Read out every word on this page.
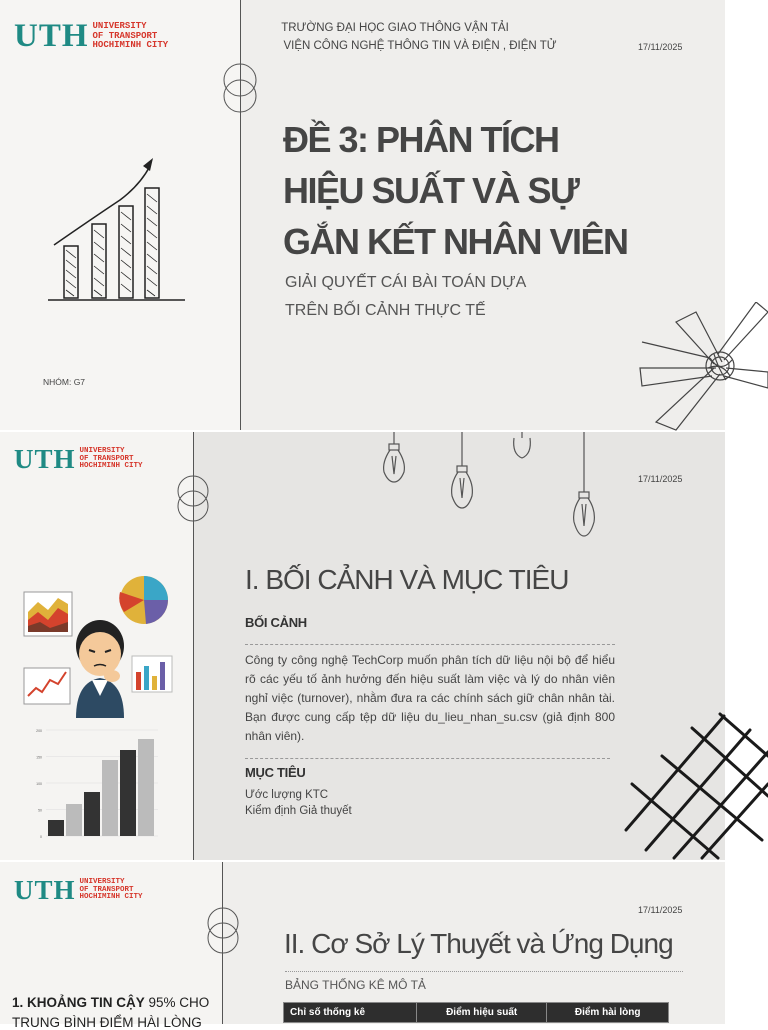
UTH UNIVERSITY
OF TRANSPORT
HOCHIMINH CITY
TRƯỜNG ĐẠI HỌC GIAO THÔNG VẬN TẢI
VIỆN CÔNG NGHỆ THÔNG TIN VÀ ĐIỆN , ĐIỆN TỬ	17/11/2025
ĐỀ 3: PHÂN TÍCH
HIỆU SUẤT VÀ SỰ
GẮN KẾT NHÂN VIÊN
GIẢI QUYẾT CÁI BÀI TOÁN DỰA
TRÊN BỐI CẢNH THỰC TẾ
NHÓM: G7
UTH UNIVERSITY
OF TRANSPORT
HOCHIMINH CITY
17/11/2025
I. BỐI CẢNH VÀ MỤC TIÊU
BỐI CẢNH
Công ty công nghệ TechCorp muốn phân tích dữ liệu nội bộ để hiểu rõ các yếu tố ảnh hưởng đến hiệu suất làm việc và lý do nhân viên nghỉ việc (turnover), nhằm đưa ra các chính sách giữ chân nhân tài. Bạn được cung cấp tệp dữ liệu du_lieu_nhan_su.csv (giả định 800 nhân viên).
MỤC TIÊU
Ước lượng KTC
Kiểm định Giả thuyết
200
150
100
50
0
UTH UNIVERSITY
OF TRANSPORT
HOCHIMINH CITY
17/11/2025
II. Cơ Sở Lý Thuyết và Ứng Dụng
BẢNG THỐNG KÊ MÔ TẢ
Chỉ số thống kê	Điểm hiệu suất	Điểm hài lòng
1. KHOẢNG TIN CẬY 95% CHO
TRUNG BÌNH ĐIỂM HÀI LÒNG
